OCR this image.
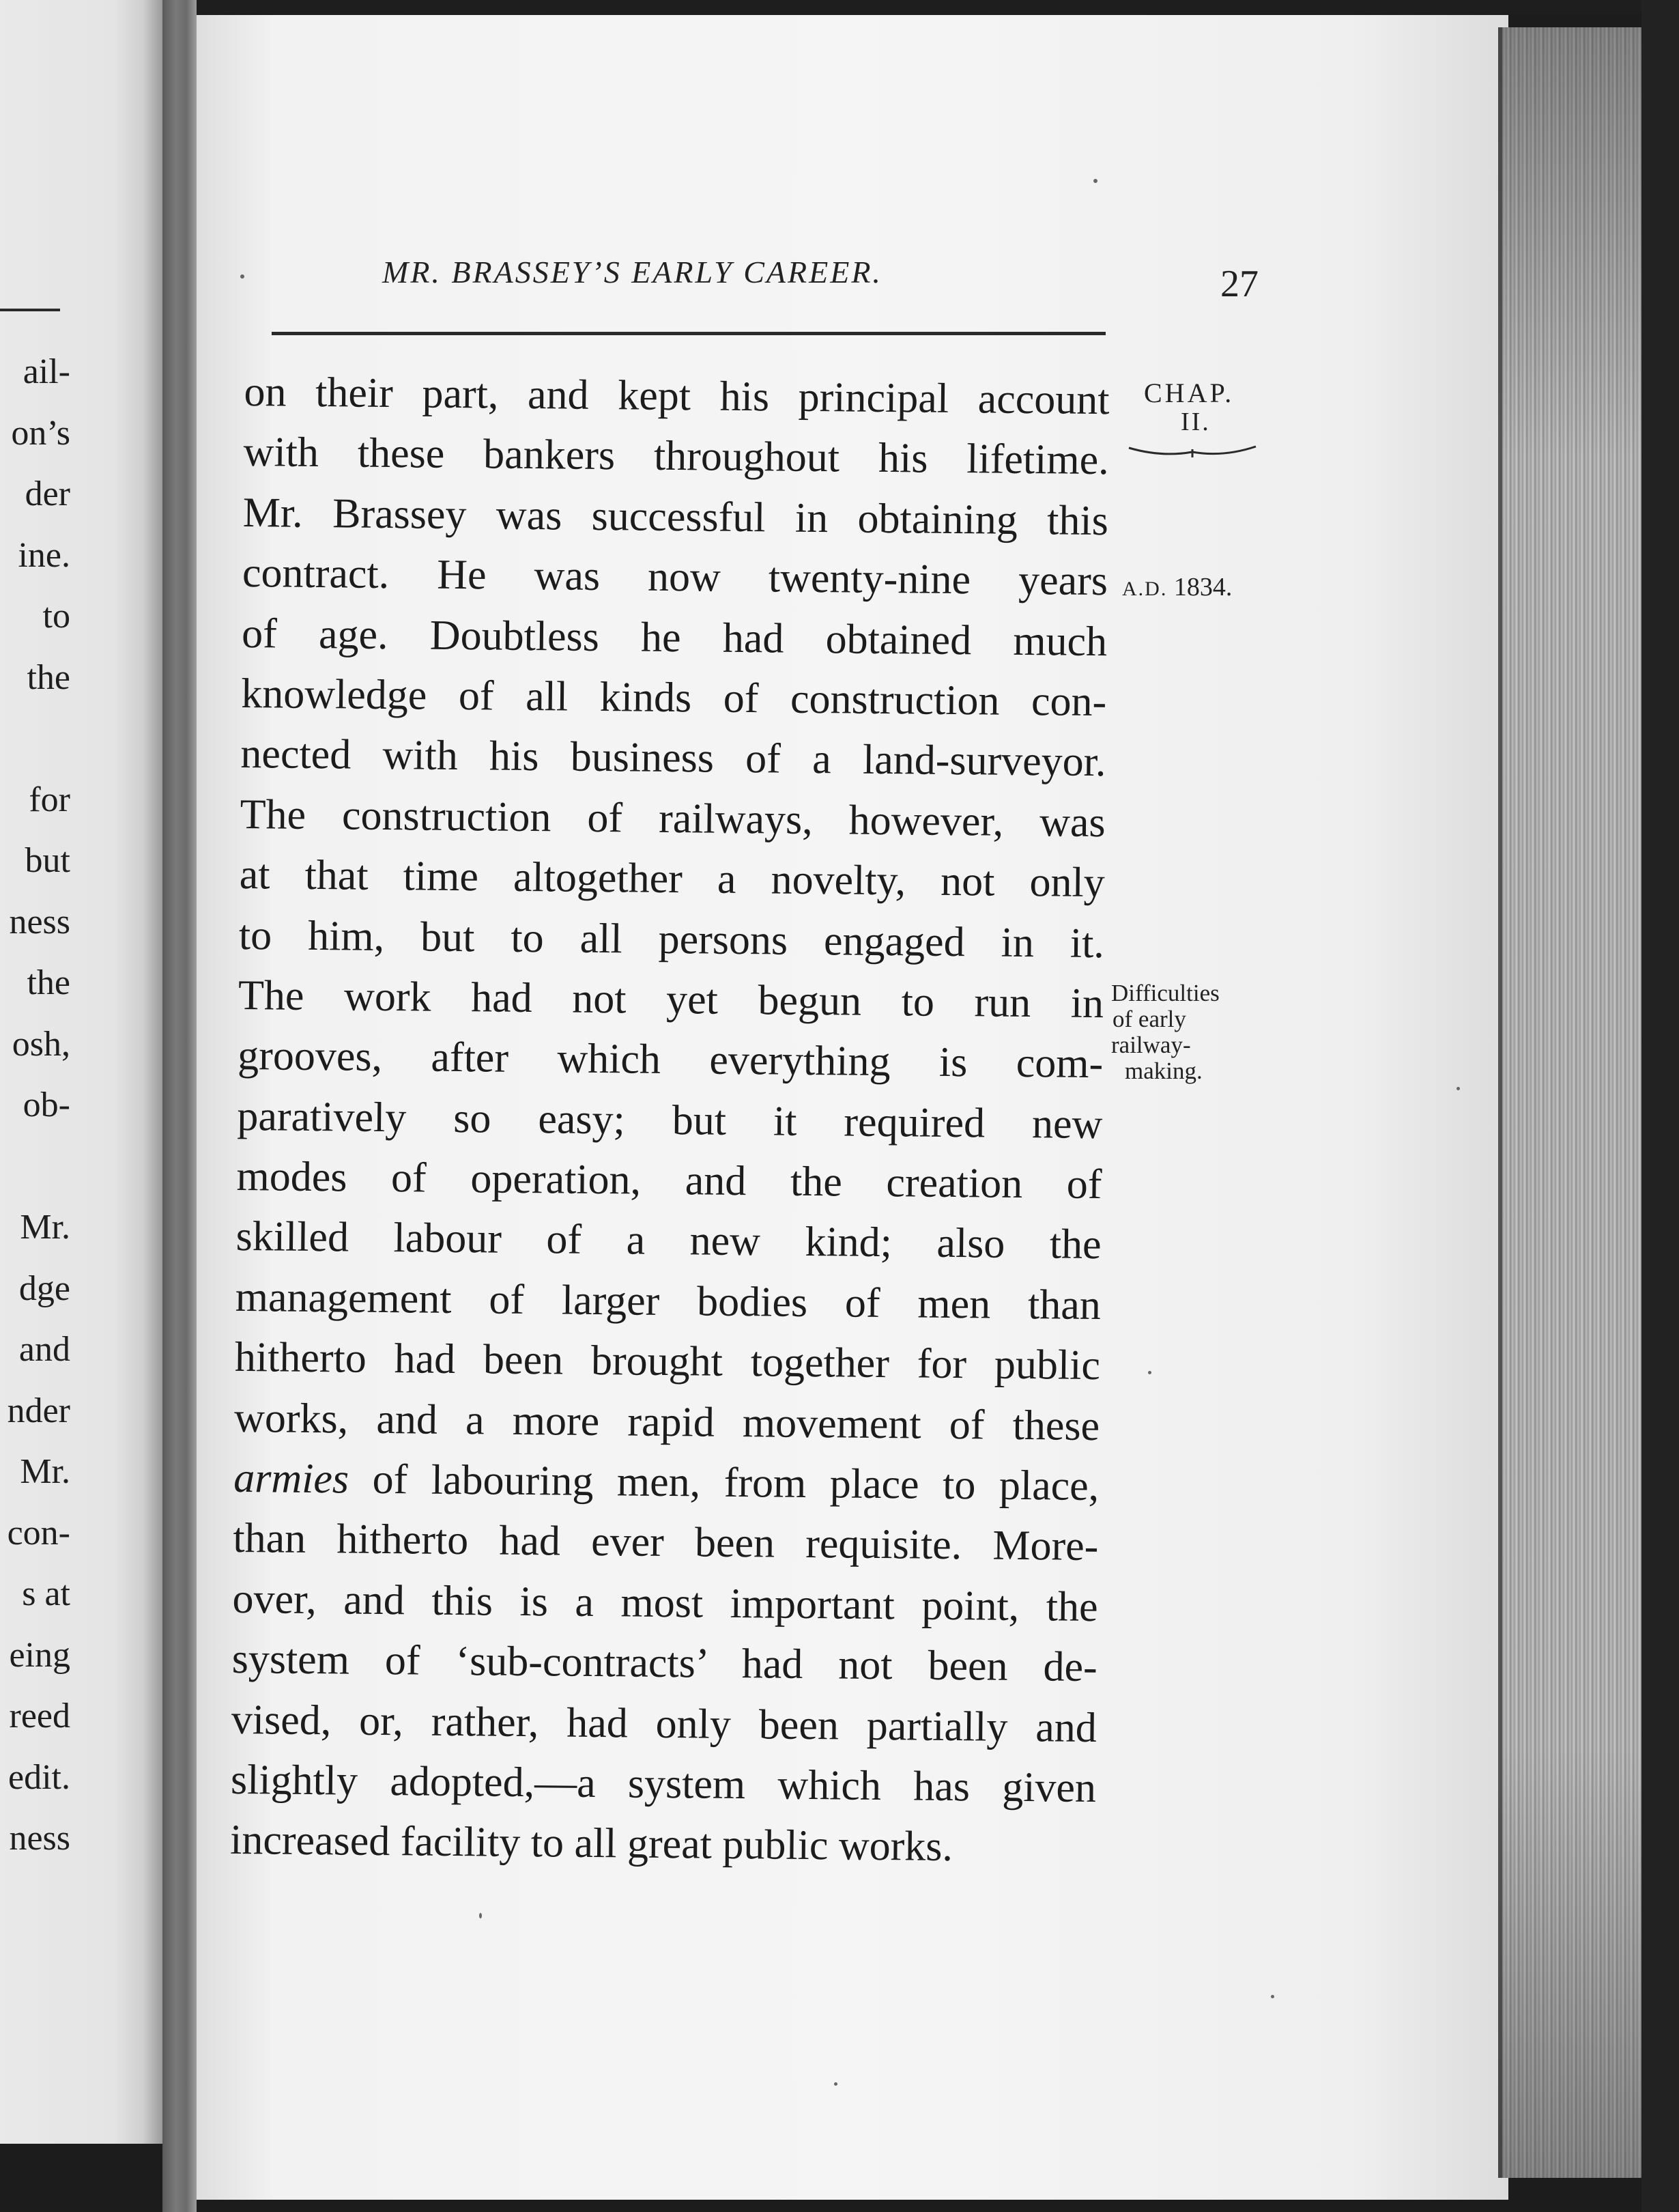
ail-
on’s
der
ine.
to
the
for
but
ness
the
osh,
ob-
Mr.
dge
and
nder
Mr.
con-
s at
eing
reed
edit.
ness
MR. BRASSEY’S EARLY CAREER.	27
CHAP.
II.
A.D. 1834.
Difficulties
of early
railway-
making.
on their part, and kept his principal account
with these bankers throughout his lifetime.
Mr. Brassey was successful in obtaining this
contract. He was now twenty-nine years
of age. Doubtless he had obtained much
knowledge of all kinds of construction con-
nected with his business of a land-surveyor.
The construction of railways, however, was
at that time altogether a novelty, not only
to him, but to all persons engaged in it.
The work had not yet begun to run in
grooves, after which everything is com-
paratively so easy; but it required new
modes of operation, and the creation of
skilled labour of a new kind; also the
management of larger bodies of men than
hitherto had been brought together for public
works, and a more rapid movement of these
armies of labouring men, from place to place,
than hitherto had ever been requisite. More-
over, and this is a most important point, the
system of ‘sub-contracts’ had not been de-
vised, or, rather, had only been partially and
slightly adopted,—a system which has given
increased facility to all great public works.
